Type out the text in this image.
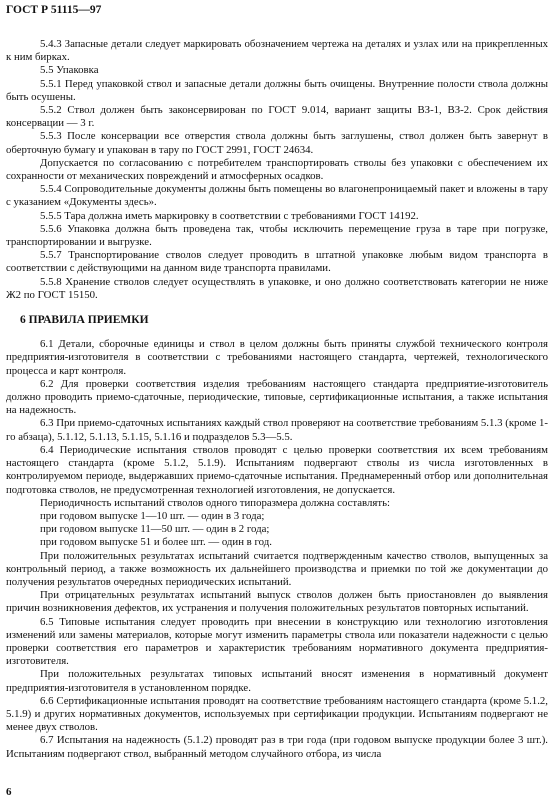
ГОСТ Р 51115—97

5.4.3 Запасные детали следует маркировать обозначением чертежа на деталях и узлах или на прикрепленных к ним бирках.

5.5 Упаковка

5.5.1 Перед упаковкой ствол и запасные детали должны быть очищены. Внутренние полости ствола должны быть осушены.

5.5.2 Ствол должен быть законсервирован по ГОСТ 9.014, вариант защиты ВЗ-1, ВЗ-2. Срок действия консервации — 3 г.

5.5.3 После консервации все отверстия ствола должны быть заглушены, ствол должен быть завернут в оберточную бумагу и упакован в тару по ГОСТ 2991, ГОСТ 24634.

Допускается по согласованию с потребителем транспортировать стволы без упаковки с обеспечением их сохранности от механических повреждений и атмосферных осадков.

5.5.4 Сопроводительные документы должны быть помещены во влагонепроницаемый пакет и вложены в тару с указанием «Документы здесь».

5.5.5 Тара должна иметь маркировку в соответствии с требованиями ГОСТ 14192.

5.5.6 Упаковка должна быть проведена так, чтобы исключить перемещение груза в таре при погрузке, транспортировании и выгрузке.

5.5.7 Транспортирование стволов следует проводить в штатной упаковке любым видом транспорта в соответствии с действующими на данном виде транспорта правилами.

5.5.8 Хранение стволов следует осуществлять в упаковке, и оно должно соответствовать категории не ниже Ж2 по ГОСТ 15150.

6 ПРАВИЛА ПРИЕМКИ

6.1 Детали, сборочные единицы и ствол в целом должны быть приняты службой технического контроля предприятия-изготовителя в соответствии с требованиями настоящего стандарта, чертежей, технологического процесса и карт контроля.

6.2 Для проверки соответствия изделия требованиям настоящего стандарта предприятие-изготовитель должно проводить приемо-сдаточные, периодические, типовые, сертификационные испытания, а также испытания на надежность.

6.3 При приемо-сдаточных испытаниях каждый ствол проверяют на соответствие требованиям 5.1.3 (кроме 1-го абзаца), 5.1.12, 5.1.13, 5.1.15, 5.1.16 и подразделов 5.3—5.5.

6.4 Периодические испытания стволов проводят с целью проверки соответствия их всем требованиям настоящего стандарта (кроме 5.1.2, 5.1.9). Испытаниям подвергают стволы из числа изготовленных в контролируемом периоде, выдержавших приемо-сдаточные испытания. Преднамеренный отбор или дополнительная подготовка стволов, не предусмотренная технологией изготовления, не допускается.

Периодичность испытаний стволов одного типоразмера должна составлять:

при годовом выпуске 1—10 шт. — один в 3 года;

при годовом выпуске 11—50 шт. — один в 2 года;

при годовом выпуске 51 и более шт. — один в год.

При положительных результатах испытаний считается подтвержденным качество стволов, выпущенных за контрольный период, а также возможность их дальнейшего производства и приемки по той же документации до получения результатов очередных периодических испытаний.

При отрицательных результатах испытаний выпуск стволов должен быть приостановлен до выявления причин возникновения дефектов, их устранения и получения положительных результатов повторных испытаний.

6.5 Типовые испытания следует проводить при внесении в конструкцию или технологию изготовления изменений или замены материалов, которые могут изменить параметры ствола или показатели надежности с целью проверки соответствия его параметров и характеристик требованиям нормативного документа предприятия-изготовителя.

При положительных результатах типовых испытаний вносят изменения в нормативный документ предприятия-изготовителя в установленном порядке.

6.6 Сертификационные испытания проводят на соответствие требованиям настоящего стандарта (кроме 5.1.2, 5.1.9) и других нормативных документов, используемых при сертификации продукции. Испытаниям подвергают не менее двух стволов.

6.7 Испытания на надежность (5.1.2) проводят раз в три года (при годовом выпуске продукции более 3 шт.). Испытаниям подвергают ствол, выбранный методом случайного отбора, из числа

6
